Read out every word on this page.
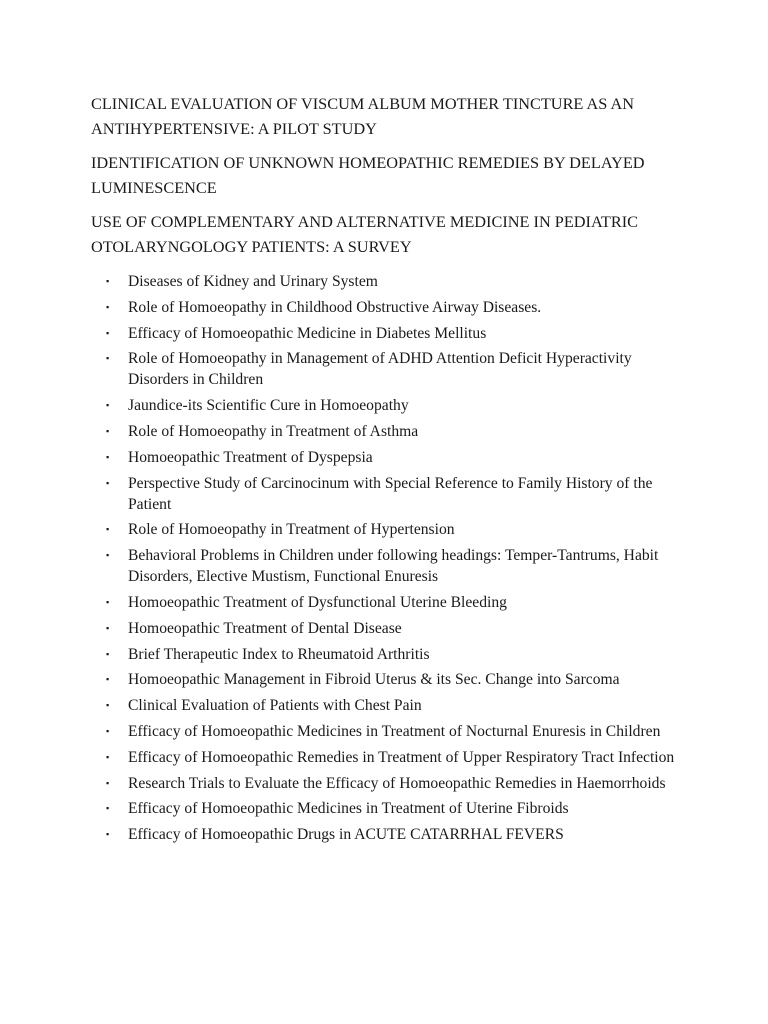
CLINICAL EVALUATION OF VISCUM ALBUM MOTHER TINCTURE AS AN ANTIHYPERTENSIVE: A PILOT STUDY

IDENTIFICATION OF UNKNOWN HOMEOPATHIC REMEDIES BY DELAYED LUMINESCENCE

USE OF COMPLEMENTARY AND ALTERNATIVE MEDICINE IN PEDIATRIC OTOLARYNGOLOGY PATIENTS: A SURVEY

▪ Diseases of Kidney and Urinary System
▪ Role of Homoeopathy in Childhood Obstructive Airway Diseases.
▪ Efficacy of Homoeopathic Medicine in Diabetes Mellitus
▪ Role of Homoeopathy in Management of ADHD Attention Deficit Hyperactivity Disorders in Children
▪ Jaundice-its Scientific Cure in Homoeopathy
▪ Role of Homoeopathy in Treatment of Asthma
▪ Homoeopathic Treatment of Dyspepsia
▪ Perspective Study of Carcinocinum with Special Reference to Family History of the Patient
▪ Role of Homoeopathy in Treatment of Hypertension
▪ Behavioral Problems in Children under following headings: Temper-Tantrums, Habit Disorders, Elective Mustism, Functional Enuresis
▪ Homoeopathic Treatment of Dysfunctional Uterine Bleeding
▪ Homoeopathic Treatment of Dental Disease
▪ Brief Therapeutic Index to Rheumatoid Arthritis
▪ Homoeopathic Management in Fibroid Uterus & its Sec. Change into Sarcoma
▪ Clinical Evaluation of Patients with Chest Pain
▪ Efficacy of Homoeopathic Medicines in Treatment of Nocturnal Enuresis in Children
▪ Efficacy of Homoeopathic Remedies in Treatment of Upper Respiratory Tract Infection
▪ Research Trials to Evaluate the Efficacy of Homoeopathic Remedies in Haemorrhoids
▪ Efficacy of Homoeopathic Medicines in Treatment of Uterine Fibroids
▪ Efficacy of Homoeopathic Drugs in ACUTE CATARRHAL FEVERS
